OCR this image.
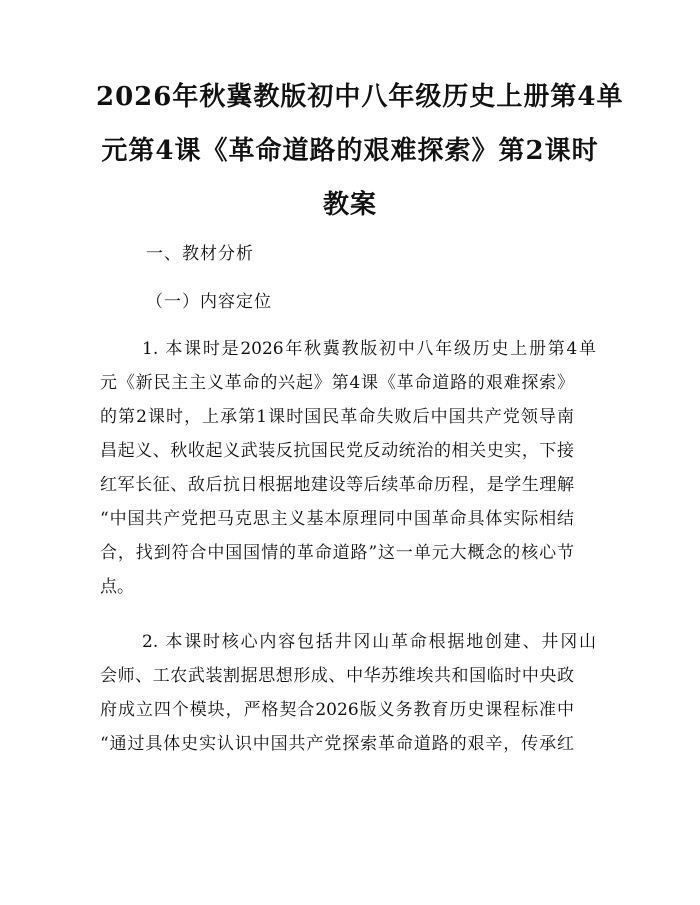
2026年秋冀教版初中八年级历史上册第4单
元第4课《革命道路的艰难探索》第2课时
教案
一、教材分析
（一）内容定位
1. 本课时是2026年秋冀教版初中八年级历史上册第4单
元《新民主主义革命的兴起》第4课《革命道路的艰难探索》
的第2课时，上承第1课时国民革命失败后中国共产党领导南
昌起义、秋收起义武装反抗国民党反动统治的相关史实，下接
红军长征、敌后抗日根据地建设等后续革命历程，是学生理解
“中国共产党把马克思主义基本原理同中国革命具体实际相结
合，找到符合中国国情的革命道路”这一单元大概念的核心节
点。
2. 本课时核心内容包括井冈山革命根据地创建、井冈山
会师、工农武装割据思想形成、中华苏维埃共和国临时中央政
府成立四个模块，严格契合2026版义务教育历史课程标准中
“通过具体史实认识中国共产党探索革命道路的艰辛，传承红
